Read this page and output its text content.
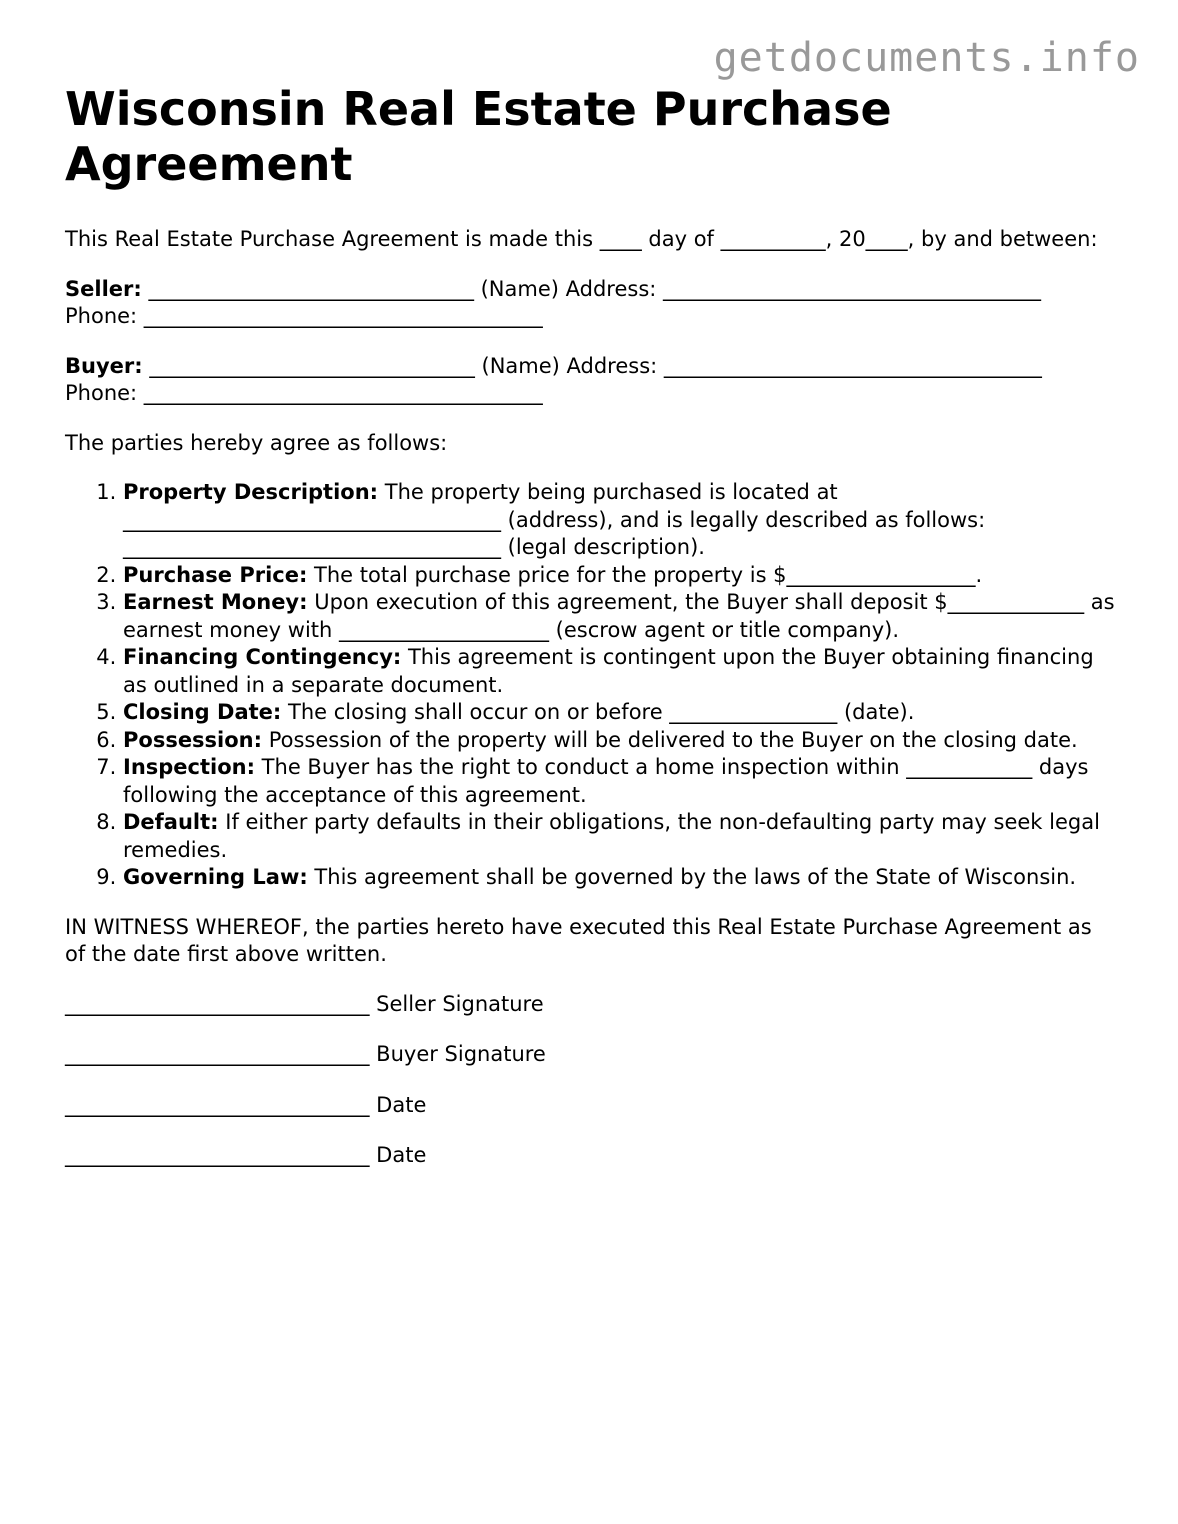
getdocuments.info
Wisconsin Real Estate Purchase Agreement

This Real Estate Purchase Agreement is made this ____ day of __________, 20____, by and between:

Seller: _______________________________ (Name) Address: ____________________________________ Phone: ______________________________________

Buyer: _______________________________ (Name) Address: ____________________________________ Phone: ______________________________________

The parties hereby agree as follows:

1. Property Description: The property being purchased is located at ____________________________________ (address), and is legally described as follows: ____________________________________ (legal description).
2. Purchase Price: The total purchase price for the property is $__________________.
3. Earnest Money: Upon execution of this agreement, the Buyer shall deposit $_____________ as earnest money with ____________________ (escrow agent or title company).
4. Financing Contingency: This agreement is contingent upon the Buyer obtaining financing as outlined in a separate document.
5. Closing Date: The closing shall occur on or before ________________ (date).
6. Possession: Possession of the property will be delivered to the Buyer on the closing date.
7. Inspection: The Buyer has the right to conduct a home inspection within ____________ days following the acceptance of this agreement.
8. Default: If either party defaults in their obligations, the non-defaulting party may seek legal remedies.
9. Governing Law: This agreement shall be governed by the laws of the State of Wisconsin.

IN WITNESS WHEREOF, the parties hereto have executed this Real Estate Purchase Agreement as of the date first above written.

_____________________________ Seller Signature

_____________________________ Buyer Signature

_____________________________ Date

_____________________________ Date
